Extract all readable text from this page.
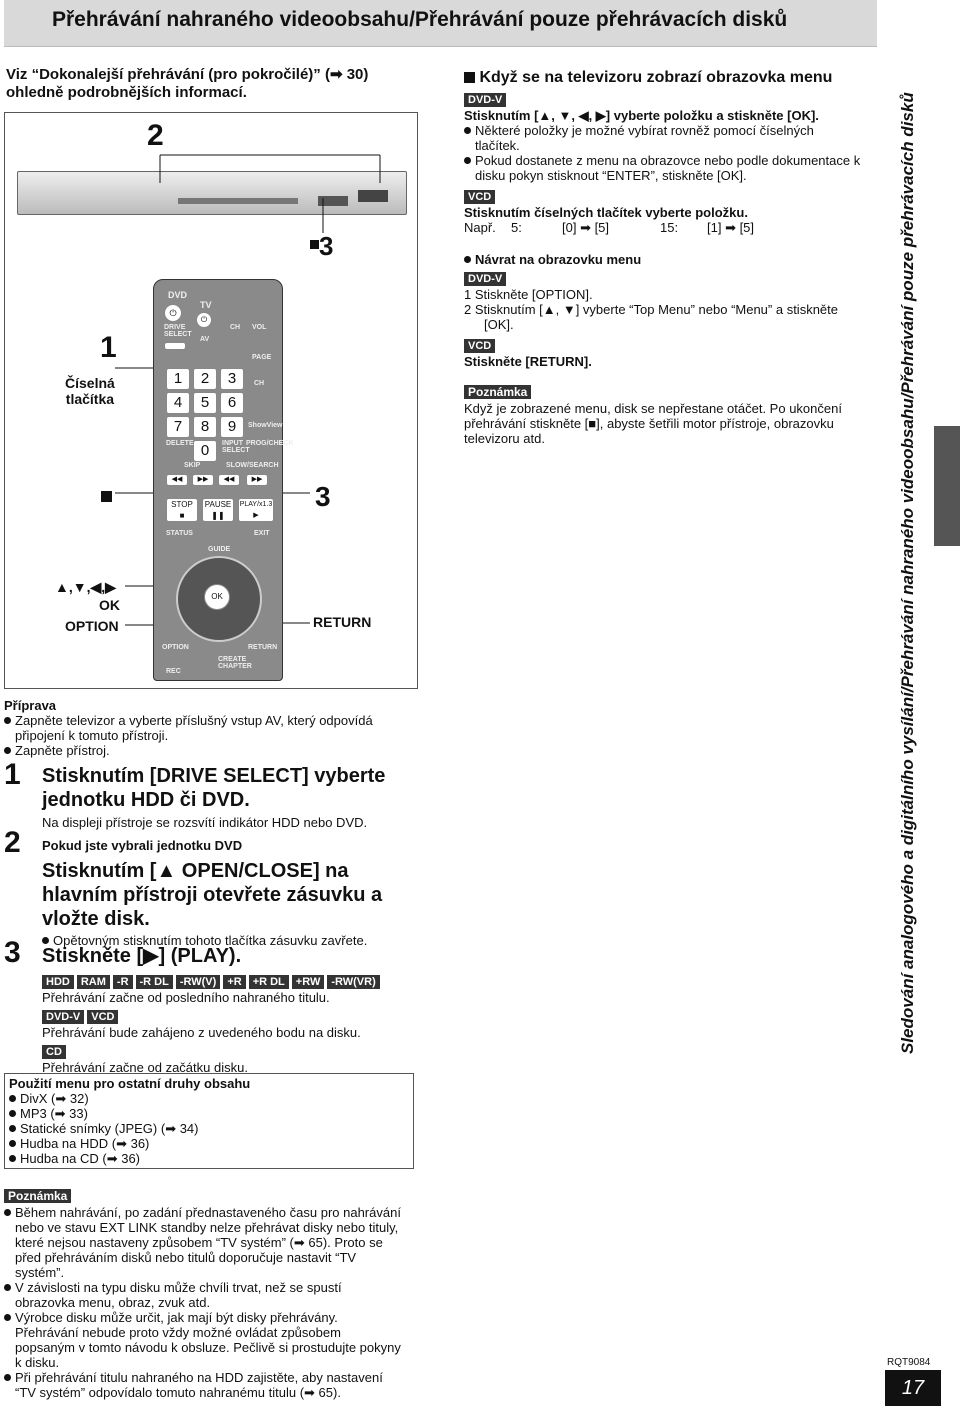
Přehrávání nahraného videoobsahu/Přehrávání pouze přehrávacích disků
Viz “Dokonalejší přehrávání (pro pokročilé)” (➡ 30)
ohledně podrobnějších informací.
2
3
1
Číselná
tlačítka
▲,▼,◀,▶
OK
OPTION
3
RETURN
DVD
TV
⏻
⏻
DRIVE SELECT
AV
CH VOL
PAGE
CH
1	2	3
4	5	6
7	8	9
0
ShowView
DELETE	INPUT SELECT
PROG/CHECK
SKIP	SLOW/SEARCH
◀◀	▶▶	◀◀	▶▶
STOP
■
PAUSE
❚❚
PLAY/x1.3
▶
STATUS	EXIT
GUIDE
OK
OPTION	RETURN
CREATE CHAPTER
REC
Příprava
Zapněte televizor a vyberte příslušný vstup AV, který odpovídá
připojení k tomuto přístroji.
Zapněte přístroj.
1 Stisknutím [DRIVE SELECT] vyberte
jednotku HDD či DVD.
Na displeji přístroje se rozsvítí indikátor HDD nebo DVD.
2 Pokud jste vybrali jednotku DVD
Stisknutím [▲ OPEN/CLOSE] na
hlavním přístroji otevřete zásuvku a
vložte disk.
Opětovným stisknutím tohoto tlačítka zásuvku zavřete.
3 Stiskněte [▶] (PLAY).
HDD RAM -R -R DL -RW(V) +R +R DL +RW -RW(VR)
Přehrávání začne od posledního nahraného titulu.
DVD-V VCD
Přehrávání bude zahájeno z uvedeného bodu na disku.
CD
Přehrávání začne od začátku disku.
Použití menu pro ostatní druhy obsahu
DivX (➡ 32)
MP3 (➡ 33)
Statické snímky (JPEG) (➡ 34)
Hudba na HDD (➡ 36)
Hudba na CD (➡ 36)
Poznámka
Během nahrávání, po zadání přednastaveného času pro nahrávání
nebo ve stavu EXT LINK standby nelze přehrávat disky nebo tituly,
které nejsou nastaveny způsobem “TV systém” (➡ 65). Proto se
před přehráváním disků nebo titulů doporučuje nastavit “TV
systém”.
V závislosti na typu disku může chvíli trvat, než se spustí
obrazovka menu, obraz, zvuk atd.
Výrobce disku může určit, jak mají být disky přehrávány.
Přehrávání nebude proto vždy možné ovládat způsobem
popsaným v tomto návodu k obsluze. Pečlivě si prostudujte pokyny
k disku.
Při přehrávání titulu nahraného na HDD zajistěte, aby nastavení
“TV systém” odpovídalo tomuto nahranému titulu (➡ 65).
Když se na televizoru zobrazí obrazovka menu
DVD-V
Stisknutím [▲, ▼, ◀, ▶] vyberte položku a stiskněte [OK].
Některé položky je možné vybírat rovněž pomocí číselných
tlačítek.
Pokud dostanete z menu na obrazovce nebo podle dokumentace k
disku pokyn stisknout “ENTER”, stiskněte [OK].
VCD
Stisknutím číselných tlačítek vyberte položku.
Např. 5:	[0] ➡ [5]	15: [1] ➡ [5]
Návrat na obrazovku menu
DVD-V
1 Stiskněte [OPTION].
2 Stisknutím [▲, ▼] vyberte “Top Menu” nebo “Menu” a stiskněte
[OK].
VCD
Stiskněte [RETURN].
Poznámka
Když je zobrazené menu, disk se nepřestane otáčet. Po ukončení
přehrávání stiskněte [■], abyste šetřili motor přístroje, obrazovku
televizoru atd.	Sledování analogového a digitálního vysílání/Přehrávání nahraného videoobsahu/Přehrávání pouze přehrávacích disků
RQT9084
17
